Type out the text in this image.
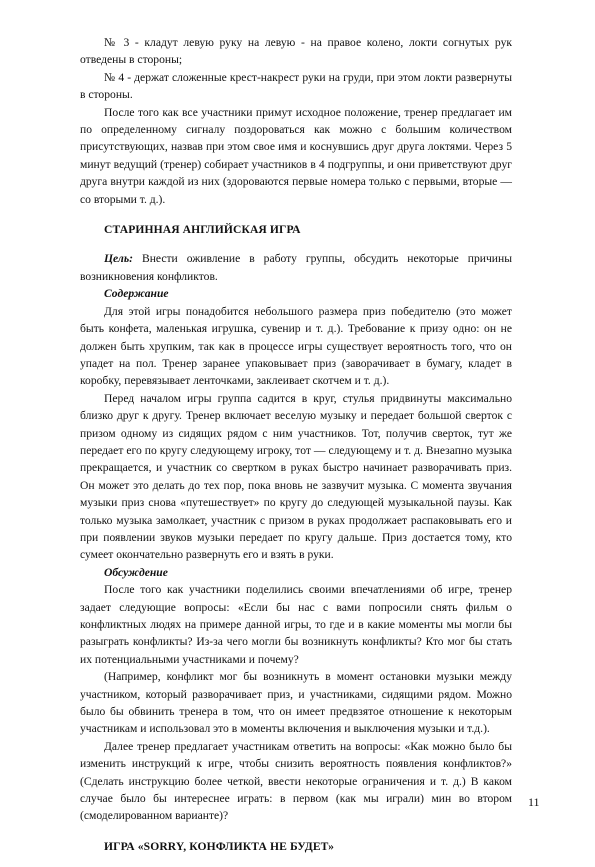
№ 3 - кладут левую руку на левую - на правое колено, локти согнутых рук отведены в стороны;

№ 4 - держат сложенные крест-накрест руки на груди, при этом локти развернуты в стороны.

После того как все участники примут исходное положение, тренер предлагает им по определенному сигналу поздороваться как можно с большим количеством присутствующих, назвав при этом свое имя и коснувшись друг друга локтями. Через 5 минут ведущий (тренер) собирает участников в 4 подгруппы, и они приветствуют друг друга внутри каждой из них (здороваются первые номера только с первыми, вторые — со вторыми т. д.).

СТАРИННАЯ АНГЛИЙСКАЯ ИГРА

Цель: Внести оживление в работу группы, обсудить некоторые причины возникновения конфликтов.

Содержание

Для этой игры понадобится небольшого размера приз победителю (это может быть конфета, маленькая игрушка, сувенир и т. д.). Требование к призу одно: он не должен быть хрупким, так как в процессе игры существует вероятность того, что он упадет на пол. Тренер заранее упаковывает приз (заворачивает в бумагу, кладет в коробку, перевязывает ленточками, заклеивает скотчем и т. д.).

Перед началом игры группа садится в круг, стулья придвинуты максимально близко друг к другу. Тренер включает веселую музыку и передает большой сверток с призом одному из сидящих рядом с ним участников. Тот, получив сверток, тут же передает его по кругу следующему игроку, тот — следующему и т. д. Внезапно музыка прекращается, и участник со свертком в руках быстро начинает разворачивать приз. Он может это делать до тех пор, пока вновь не зазвучит музыка. С момента звучания музыки приз снова «путешествует» по кругу до следующей музыкальной паузы. Как только музыка замолкает, участник с призом в руках продолжает распаковывать его и при появлении звуков музыки передает по кругу дальше. Приз достается тому, кто сумеет окончательно развернуть его и взять в руки.

Обсуждение

После того как участники поделились своими впечатлениями об игре, тренер задает следующие вопросы: «Если бы нас с вами попросили снять фильм о конфликтных людях на примере данной игры, то где и в какие моменты мы могли бы разыграть конфликты? Из-за чего могли бы возникнуть конфликты? Кто мог бы стать их потенциальными участниками и почему?

(Например, конфликт мог бы возникнуть в момент остановки музыки между участником, который разворачивает приз, и участниками, сидящими рядом. Можно было бы обвинить тренера в том, что он имеет предвзятое отношение к некоторым участникам и использовал это в моменты включения и выключения музыки и т.д.).

Далее тренер предлагает участникам ответить на вопросы: «Как можно было бы изменить инструкций к игре, чтобы снизить вероятность появления конфликтов?» (Сделать инструкцию более четкой, ввести некоторые ограничения и т. д.) В каком случае было бы интереснее играть: в первом (как мы играли) мин во втором (смоделированном варианте)?

ИГРА «SORRY, КОНФЛИКТА НЕ БУДЕТ»

11
